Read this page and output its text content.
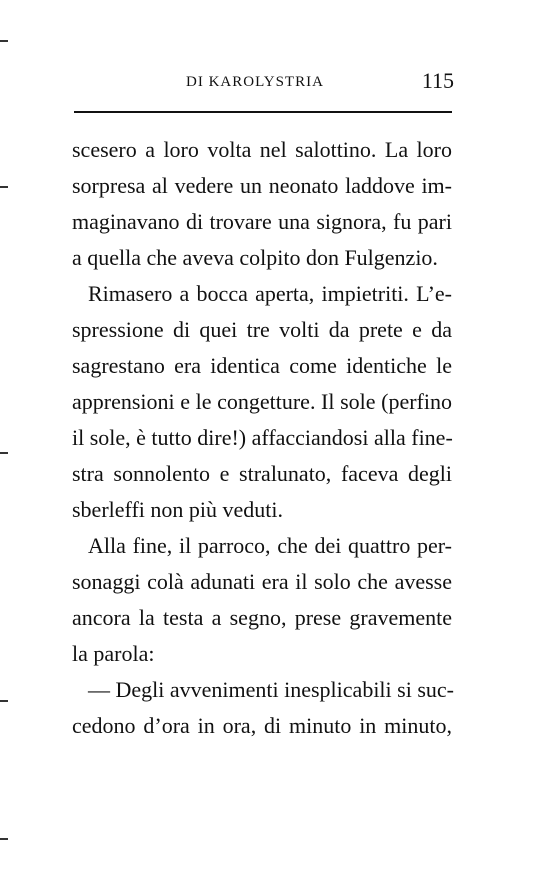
DI KAROLYSTRIA	115
scesero a loro volta nel salottino. La loro
sorpresa al vedere un neonato laddove im-
maginavano di trovare una signora, fu pari
a quella che aveva colpito don Fulgenzio.
Rimasero a bocca aperta, impietriti. L’e-
spressione di quei tre volti da prete e da
sagrestano era identica come identiche le
apprensioni e le congetture. Il sole (perfino
il sole, è tutto dire!) affacciandosi alla fine-
stra sonnolento e stralunato, faceva degli
sberleffi non più veduti.
Alla fine, il parroco, che dei quattro per-
sonaggi colà adunati era il solo che avesse
ancora la testa a segno, prese gravemente
la parola:
— Degli avvenimenti inesplicabili si suc-
cedono d’ora in ora, di minuto in minuto,
